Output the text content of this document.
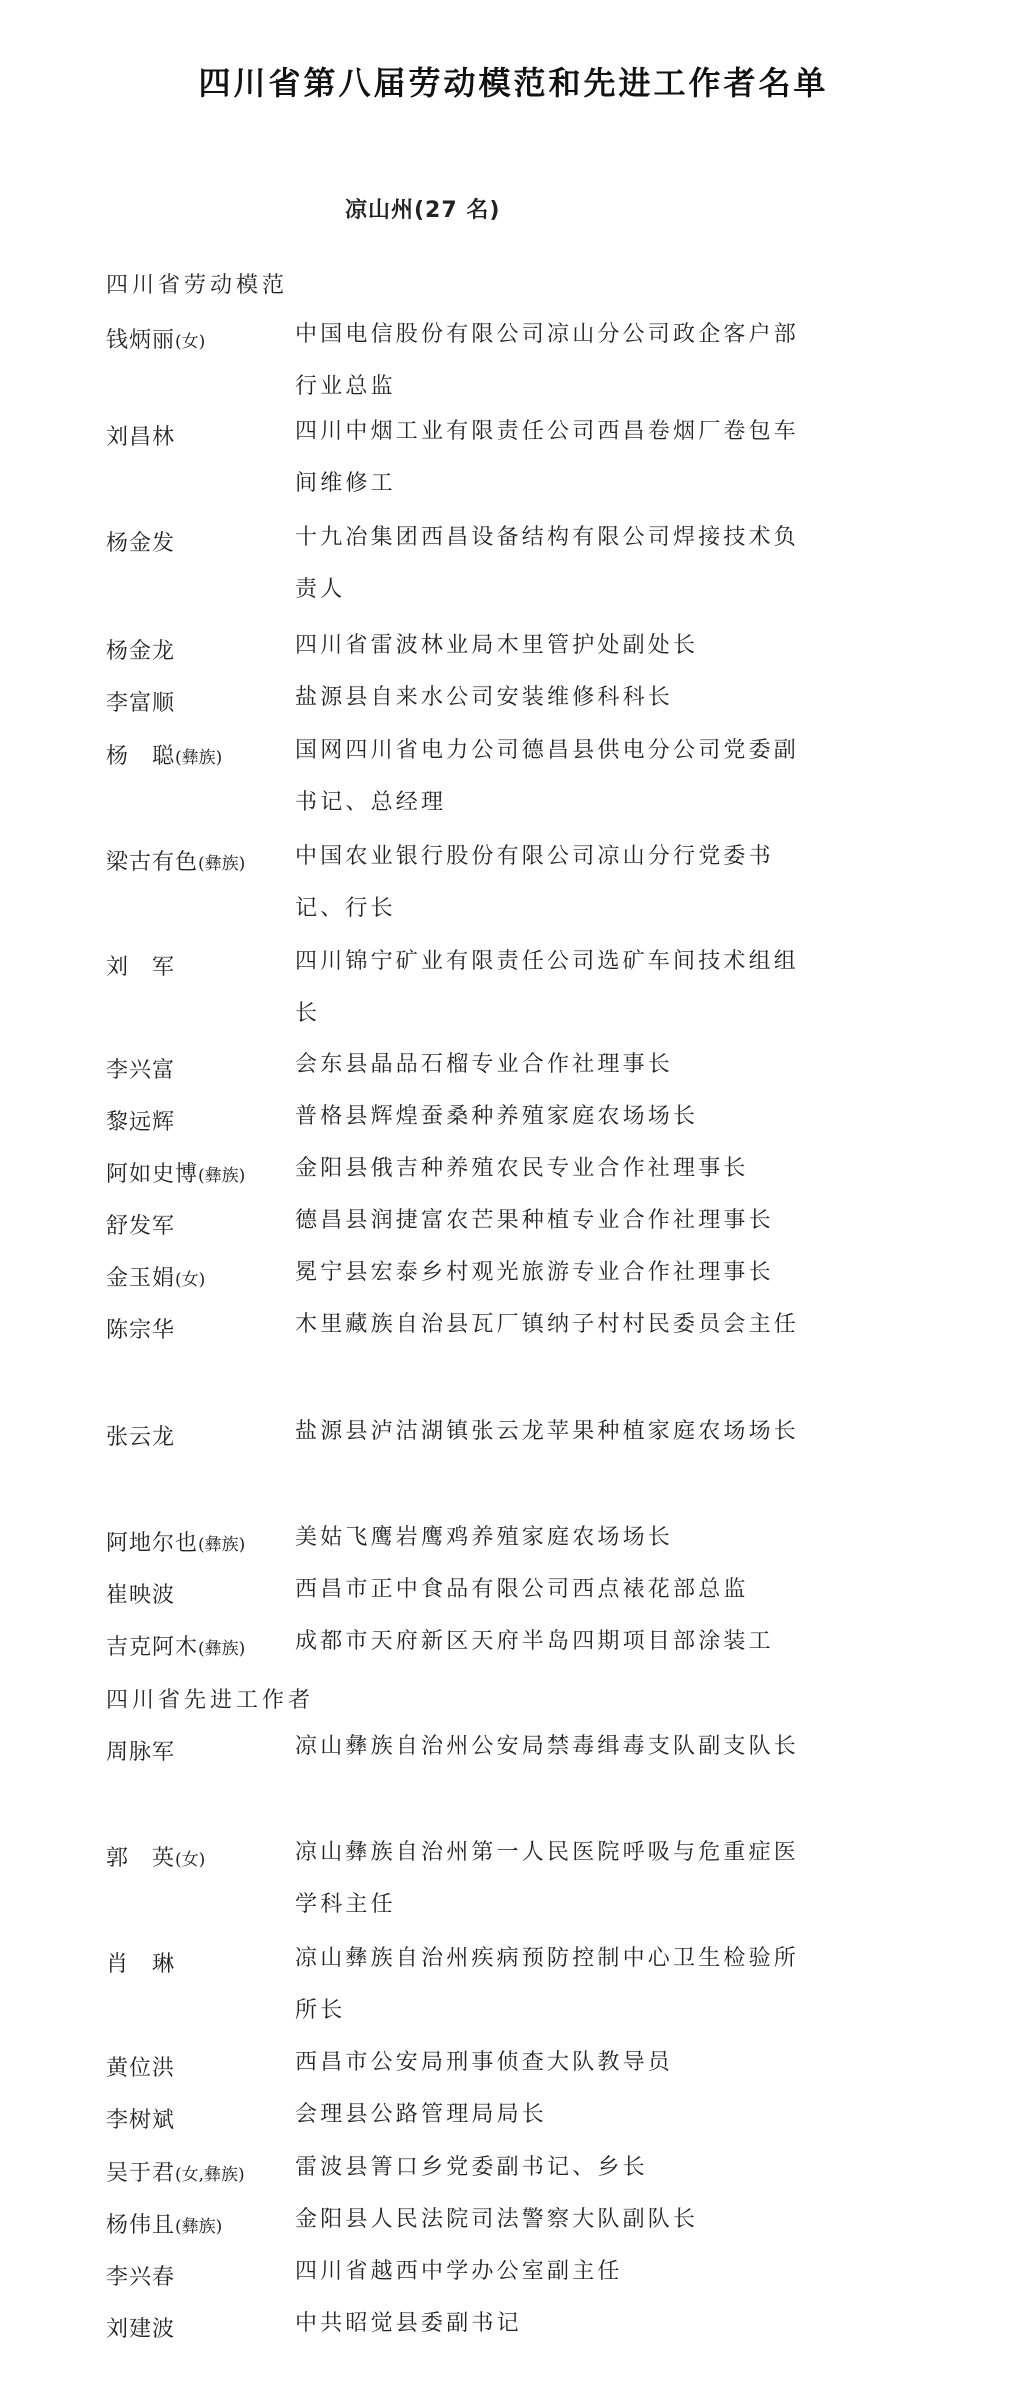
四川省第八届劳动模范和先进工作者名单
凉山州(27 名)
四川省劳动模范
钱炳丽(女)	中国电信股份有限公司凉山分公司政企客户部行业总监
刘昌林	四川中烟工业有限责任公司西昌卷烟厂卷包车间维修工
杨金发	十九冶集团西昌设备结构有限公司焊接技术负责人
杨金龙	四川省雷波林业局木里管护处副处长
李富顺	盐源县自来水公司安装维修科科长
杨　聪(彝族)	国网四川省电力公司德昌县供电分公司党委副书记、总经理
梁古有色(彝族) 中国农业银行股份有限公司凉山分行党委书记、行长
刘　军	四川锦宁矿业有限责任公司选矿车间技术组组长
李兴富	会东县晶品石榴专业合作社理事长
黎远辉	普格县辉煌蚕桑种养殖家庭农场场长
阿如史博(彝族) 金阳县俄吉种养殖农民专业合作社理事长
舒发军	德昌县润捷富农芒果种植专业合作社理事长
金玉娟(女)	冕宁县宏泰乡村观光旅游专业合作社理事长
陈宗华	木里藏族自治县瓦厂镇纳子村村民委员会主任
张云龙	盐源县泸沽湖镇张云龙苹果种植家庭农场场长
阿地尔也(彝族) 美姑飞鹰岩鹰鸡养殖家庭农场场长
崔映波	西昌市正中食品有限公司西点裱花部总监
吉克阿木(彝族) 成都市天府新区天府半岛四期项目部涂装工
四川省先进工作者
周脉军	凉山彝族自治州公安局禁毒缉毒支队副支队长
郭　英(女)	凉山彝族自治州第一人民医院呼吸与危重症医学科主任
肖　琳	凉山彝族自治州疾病预防控制中心卫生检验所所长
黄位洪	西昌市公安局刑事侦查大队教导员
李树斌	会理县公路管理局局长
吴于君(女,彝族) 雷波县箐口乡党委副书记、乡长
杨伟且(彝族)	金阳县人民法院司法警察大队副队长
李兴春	四川省越西中学办公室副主任
刘建波	中共昭觉县委副书记
